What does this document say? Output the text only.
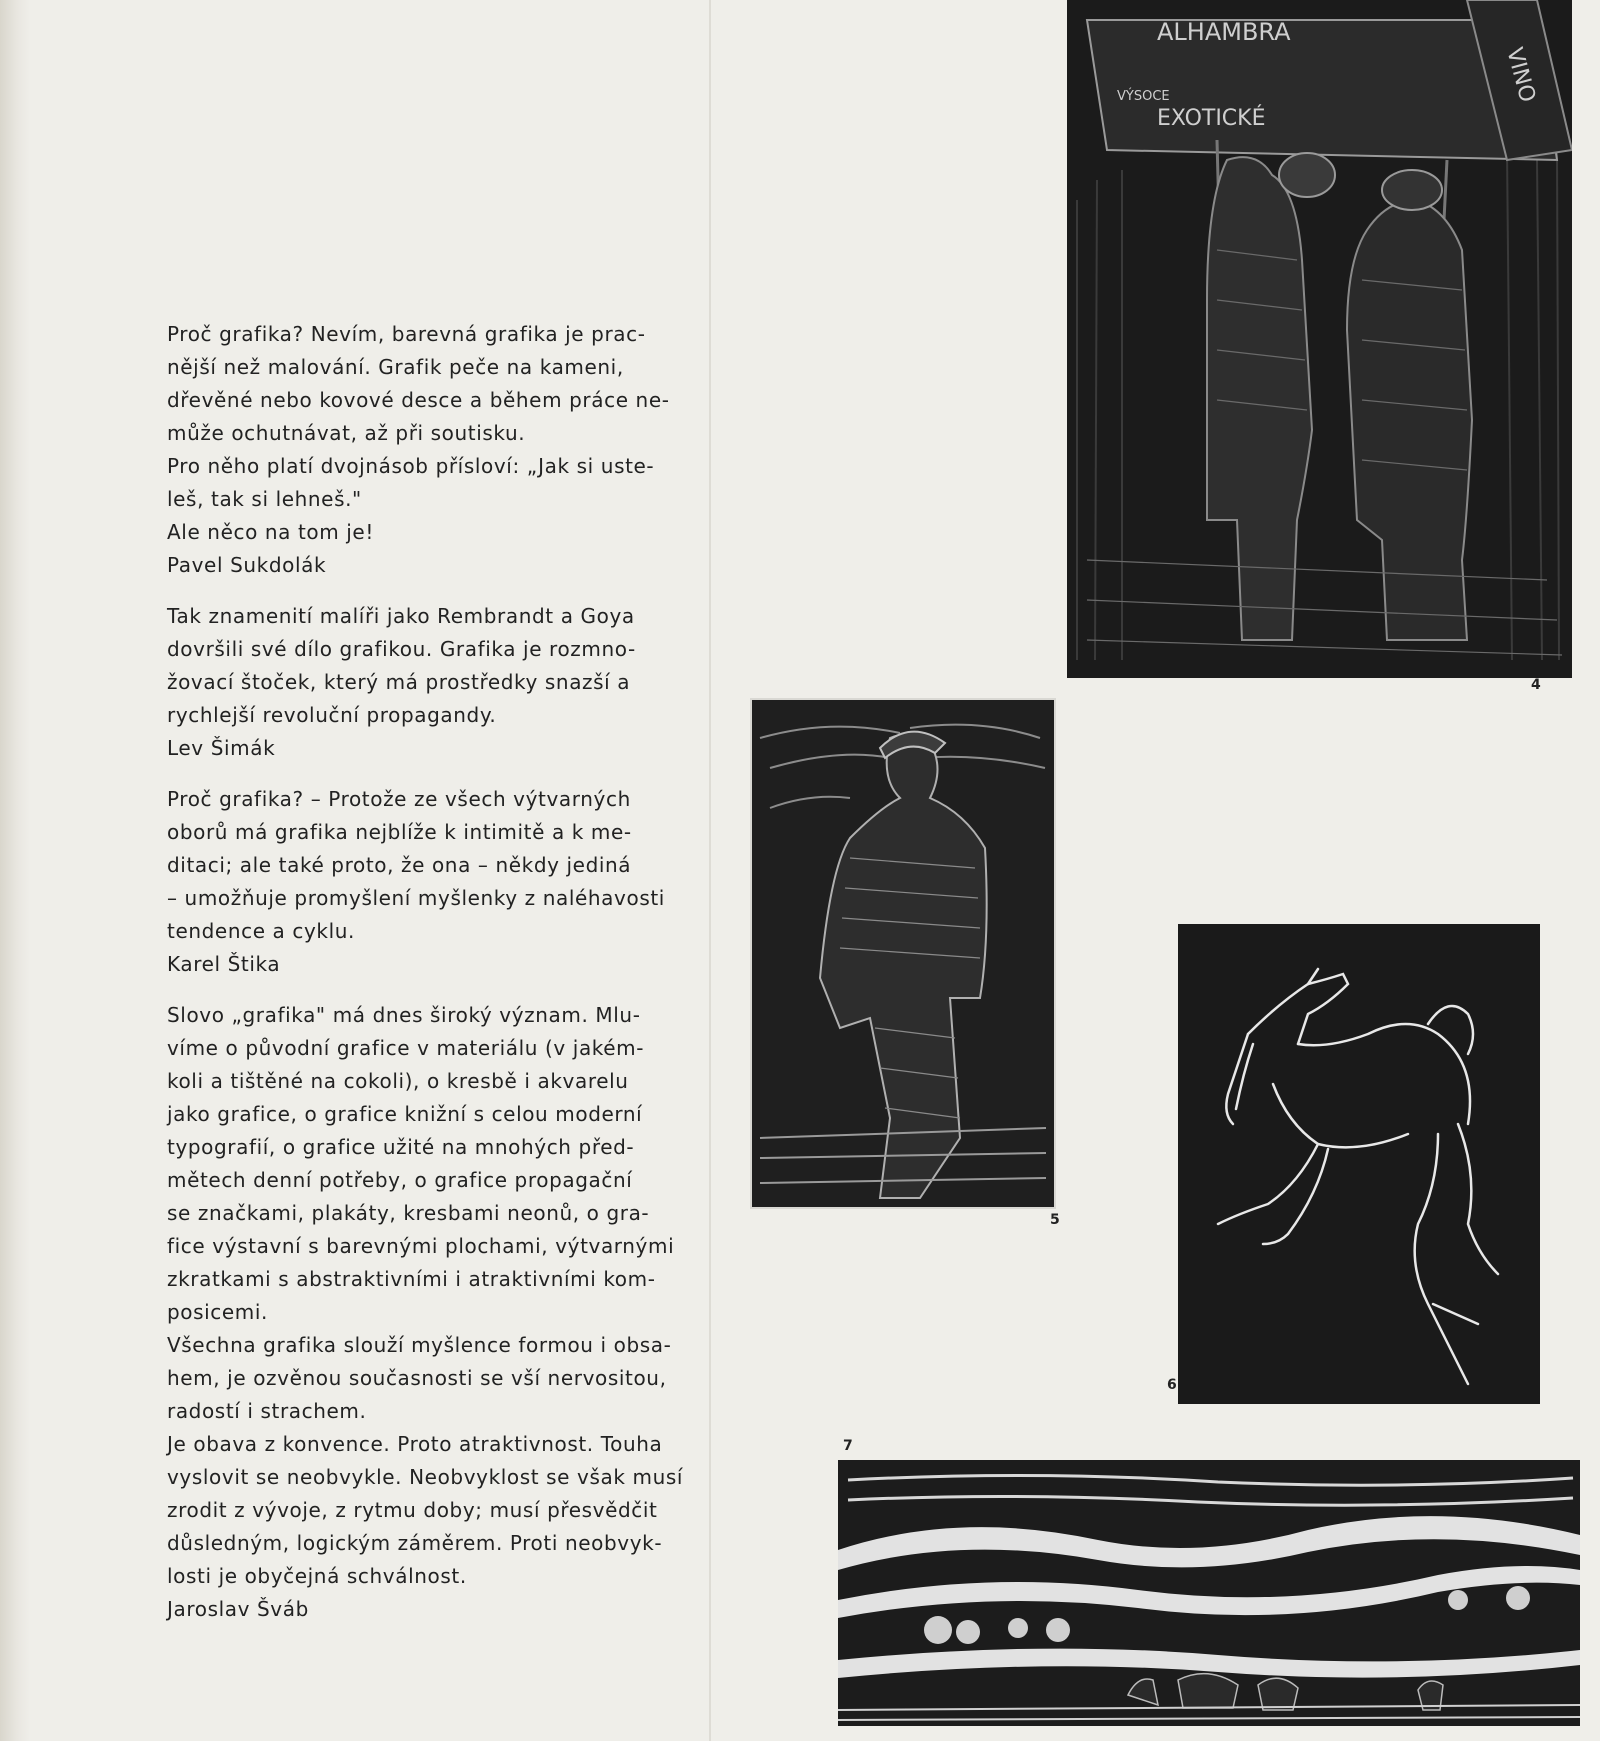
Proč grafika? Nevím, barevná grafika je prac-

nější než malování. Grafik peče na kameni,

dřevěné nebo kovové desce a během práce ne-

může ochutnávat, až při soutisku.

Pro něho platí dvojnásob přísloví: „Jak si uste-

leš, tak si lehneš."

Ale něco na tom je!

Pavel Sukdolák

Tak znamenití malíři jako Rembrandt a Goya

dovršili své dílo grafikou. Grafika je rozmno-

žovací štoček, který má prostředky snazší a

rychlejší revoluční propagandy.

Lev Šimák

Proč grafika? – Protože ze všech výtvarných

oborů má grafika nejblíže k intimitě a k me-

ditaci; ale také proto, že ona – někdy jediná

– umožňuje promyšlení myšlenky z naléhavosti

tendence a cyklu.

Karel Štika

Slovo „grafika" má dnes široký význam. Mlu-

víme o původní grafice v materiálu (v jakém-

koli a tištěné na cokoli), o kresbě i akvarelu

jako grafice, o grafice knižní s celou moderní

typografií, o grafice užité na mnohých před-

mětech denní potřeby, o grafice propagační

se značkami, plakáty, kresbami neonů, o gra-

fice výstavní s barevnými plochami, výtvarnými

zkratkami s abstraktivními i atraktivními kom-

posicemi.

Všechna grafika slouží myšlence formou i obsa-

hem, je ozvěnou současnosti se vší nervositou,

radostí i strachem.

Je obava z konvence. Proto atraktivnost. Touha

vyslovit se neobvykle. Neobvyklost se však musí

zrodit z vývoje, z rytmu doby; musí přesvědčit

důsledným, logickým záměrem. Proti neobvyk-

losti je obyčejná schválnost.

Jaroslav Šváb

ALHAMBRA
VÝSOCE
EXOTICKÉ
VINO
4
5
6
7
